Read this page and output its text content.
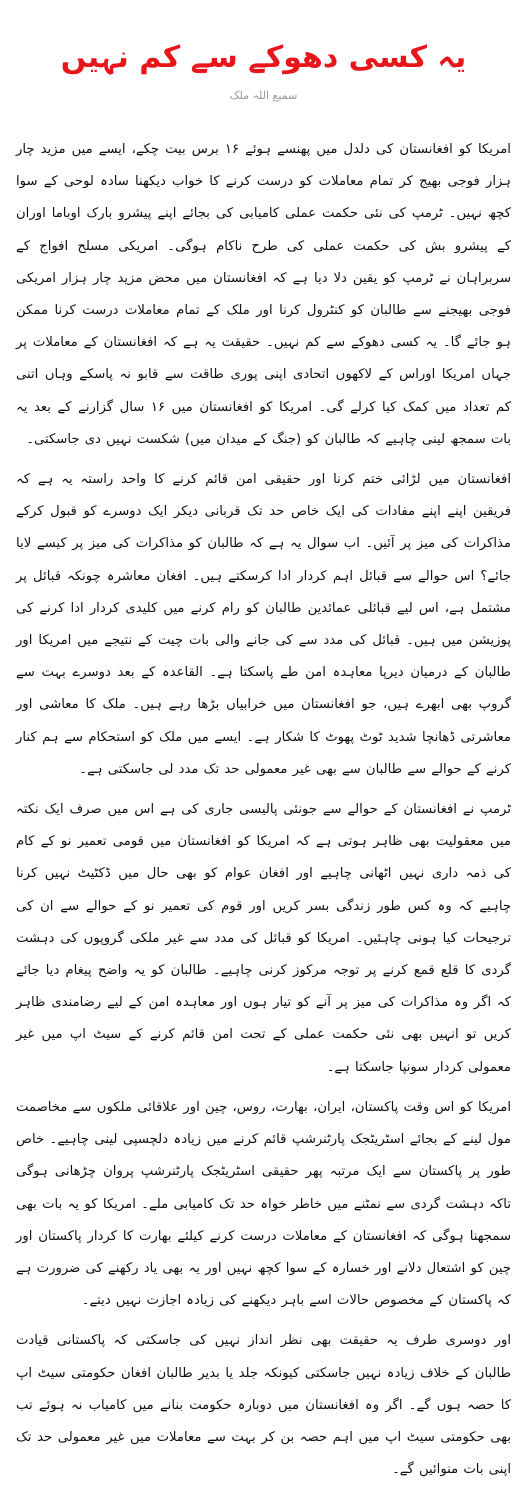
یہ کسی دھوکے سے کم نہیں
سمیع اللہ ملک

امریکا کو افغانستان کی دلدل میں پھنسے ہوئے ۱۶ برس بیت چکے، ایسے میں مزید چار ہزار فوجی بھیج کر تمام معاملات کو درست کرنے کا خواب دیکھنا سادہ لوحی کے سوا کچھ نہیں۔ ٹرمپ کی نئی حکمت عملی کامیابی کی بجائے اپنے پیشرو بارک اوباما اوران کے پیشرو بش کی حکمت عملی کی طرح ناکام ہوگی۔ امریکی مسلح افواج کے سربراہان نے ٹرمپ کو یقین دلا دیا ہے کہ افغانستان میں محض مزید چار ہزار امریکی فوجی بھیجنے سے طالبان کو کنٹرول کرنا اور ملک کے تمام معاملات درست کرنا ممکن ہو جائے گا۔ یہ کسی دھوکے سے کم نہیں۔ حقیقت یہ ہے کہ افغانستان کے معاملات پر جہاں امریکا اوراس کے لاکھوں اتحادی اپنی پوری طاقت سے قابو نہ پاسکے وہاں اتنی کم تعداد میں کمک کیا کرلے گی۔ امریکا کو افغانستان میں ۱۶ سال گزارنے کے بعد یہ بات سمجھ لینی چاہیے کہ طالبان کو (جنگ کے میدان میں) شکست نہیں دی جاسکتی۔

افغانستان میں لڑائی ختم کرنا اور حقیقی امن قائم کرنے کا واحد راستہ یہ ہے کہ فریقین اپنے اپنے مفادات کی ایک خاص حد تک قربانی دیکر ایک دوسرے کو قبول کرکے مذاکرات کی میز پر آئیں۔ اب سوال یہ ہے کہ طالبان کو مذاکرات کی میز پر کیسے لایا جائے؟ اس حوالے سے قبائل اہم کردار ادا کرسکتے ہیں۔ افغان معاشرہ چونکہ قبائل پر مشتمل ہے، اس لیے قبائلی عمائدین طالبان کو رام کرنے میں کلیدی کردار ادا کرنے کی پوزیشن میں ہیں۔ قبائل کی مدد سے کی جانے والی بات چیت کے نتیجے میں امریکا اور طالبان کے درمیان دیرپا معاہدہ امن طے پاسکتا ہے۔ القاعدہ کے بعد دوسرے بہت سے گروپ بھی ابھرے ہیں، جو افغانستان میں خرابیاں بڑھا رہے ہیں۔ ملک کا معاشی اور معاشرتی ڈھانچا شدید ٹوٹ پھوٹ کا شکار ہے۔ ایسے میں ملک کو استحکام سے ہم کنار کرنے کے حوالے سے طالبان سے بھی غیر معمولی حد تک مدد لی جاسکتی ہے۔

ٹرمپ نے افغانستان کے حوالے سے جونئی پالیسی جاری کی ہے اس میں صرف ایک نکتہ میں معقولیت بھی ظاہر ہوتی ہے کہ امریکا کو افغانستان میں قومی تعمیر نو کے کام کی ذمہ داری نہیں اٹھانی چاہیے اور افغان عوام کو بھی حال میں ڈکٹیٹ نہیں کرنا چاہیے کہ وہ کس طور زندگی بسر کریں اور قوم کی تعمیر نو کے حوالے سے ان کی ترجیحات کیا ہونی چاہئیں۔ امریکا کو قبائل کی مدد سے غیر ملکی گروپوں کی دہشت گردی کا قلع قمع کرنے پر توجہ مرکوز کرنی چاہیے۔ طالبان کو یہ واضح پیغام دیا جائے کہ اگر وہ مذاکرات کی میز پر آنے کو تیار ہوں اور معاہدہ امن کے لیے رضامندی ظاہر کریں تو انہیں بھی نئی حکمت عملی کے تحت امن قائم کرنے کے سیٹ اپ میں غیر معمولی کردار سونپا جاسکتا ہے۔

امریکا کو اس وقت پاکستان، ایران، بھارت، روس، چین اور علاقائی ملکوں سے مخاصمت مول لینے کے بجائے اسٹریٹجک پارٹنرشپ قائم کرنے میں زیادہ دلچسپی لینی چاہیے۔ خاص طور پر پاکستان سے ایک مرتبہ پھر حقیقی اسٹریٹجک پارٹنرشپ پروان چڑھانی ہوگی تاکہ دہشت گردی سے نمٹنے میں خاطر خواہ حد تک کامیابی ملے۔ امریکا کو یہ بات بھی سمجھنا ہوگی کہ افغانستان کے معاملات درست کرنے کیلئے بھارت کا کردار پاکستان اور چین کو اشتعال دلانے اور خسارہ کے سوا کچھ نہیں اور یہ بھی یاد رکھنے کی ضرورت ہے کہ پاکستان کے مخصوص حالات اسے باہر دیکھنے کی زیادہ اجازت نہیں دیتے۔

اور دوسری طرف یہ حقیقت بھی نظر انداز نہیں کی جاسکتی کہ پاکستانی قیادت طالبان کے خلاف زیادہ نہیں جاسکتی کیونکہ جلد یا بدیر طالبان افغان حکومتی سیٹ اپ کا حصہ ہوں گے۔ اگر وہ افغانستان میں دوبارہ حکومت بنانے میں کامیاب نہ ہوئے تب بھی حکومتی سیٹ اپ میں اہم حصہ بن کر بہت سے معاملات میں غیر معمولی حد تک اپنی بات منوائیں گے۔
